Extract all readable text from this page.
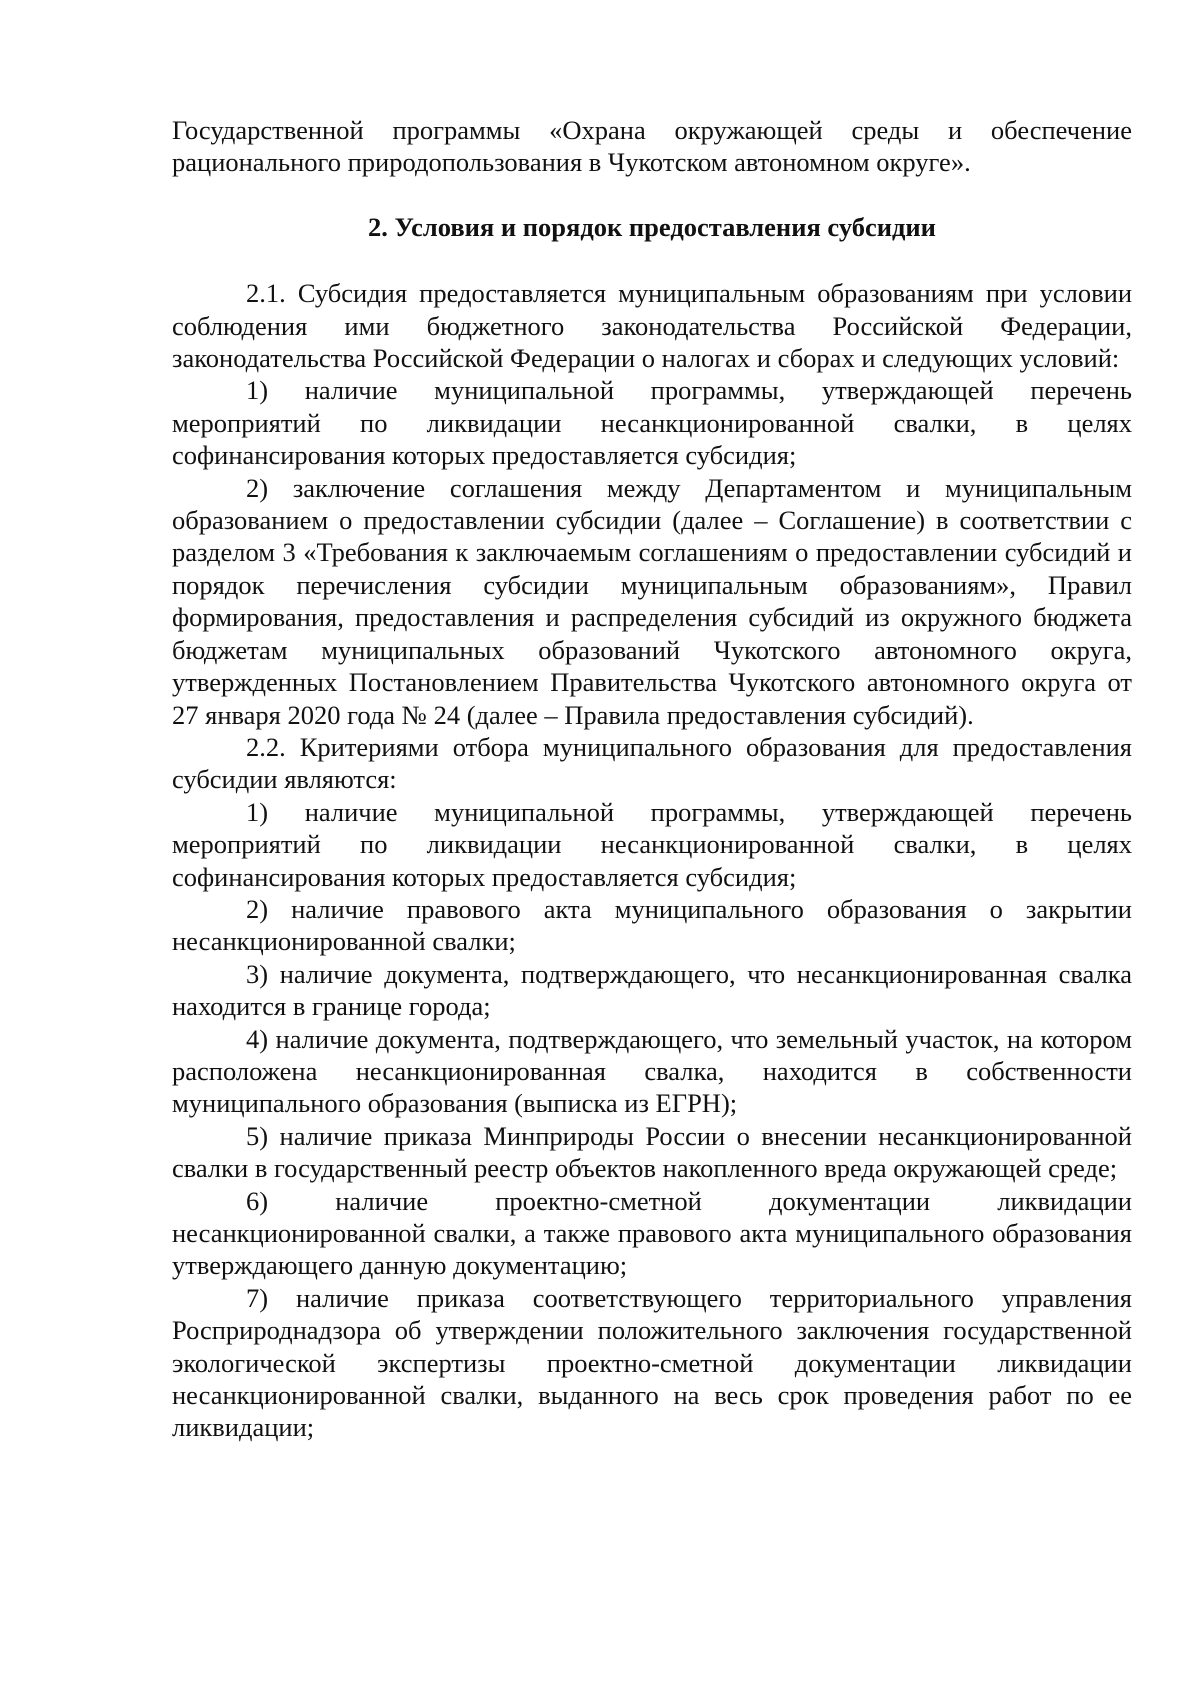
Государственной программы «Охрана окружающей среды и обеспечение рационального природопользования в Чукотском автономном округе».

2. Условия и порядок предоставления субсидии

2.1. Субсидия предоставляется муниципальным образованиям при условии соблюдения ими бюджетного законодательства Российской Федерации, законодательства Российской Федерации о налогах и сборах и следующих условий:

1) наличие муниципальной программы, утверждающей перечень мероприятий по ликвидации несанкционированной свалки, в целях софинансирования которых предоставляется субсидия;

2) заключение соглашения между Департаментом и муниципальным образованием о предоставлении субсидии (далее – Соглашение) в соответствии с разделом 3 «Требования к заключаемым соглашениям о предоставлении субсидий и порядок перечисления субсидии муниципальным образованиям», Правил формирования, предоставления и распределения субсидий из окружного бюджета бюджетам муниципальных образований Чукотского автономного округа, утвержденных Постановлением Правительства Чукотского автономного округа от 27 января 2020 года № 24 (далее – Правила предоставления субсидий).

2.2. Критериями отбора муниципального образования для предоставления субсидии являются:

1) наличие муниципальной программы, утверждающей перечень мероприятий по ликвидации несанкционированной свалки, в целях софинансирования которых предоставляется субсидия;

2) наличие правового акта муниципального образования о закрытии несанкционированной свалки;

3) наличие документа, подтверждающего, что несанкционированная свалка находится в границе города;

4) наличие документа, подтверждающего, что земельный участок, на котором расположена несанкционированная свалка, находится в собственности муниципального образования (выписка из ЕГРН);

5) наличие приказа Минприроды России о внесении несанкционированной свалки в государственный реестр объектов накопленного вреда окружающей среде;

6) наличие проектно-сметной документации ликвидации несанкционированной свалки, а также правового акта муниципального образования утверждающего данную документацию;

7) наличие приказа соответствующего территориального управления Росприроднадзора об утверждении положительного заключения государственной экологической экспертизы проектно-сметной документации ликвидации несанкционированной свалки, выданного на весь срок проведения работ по ее ликвидации;
